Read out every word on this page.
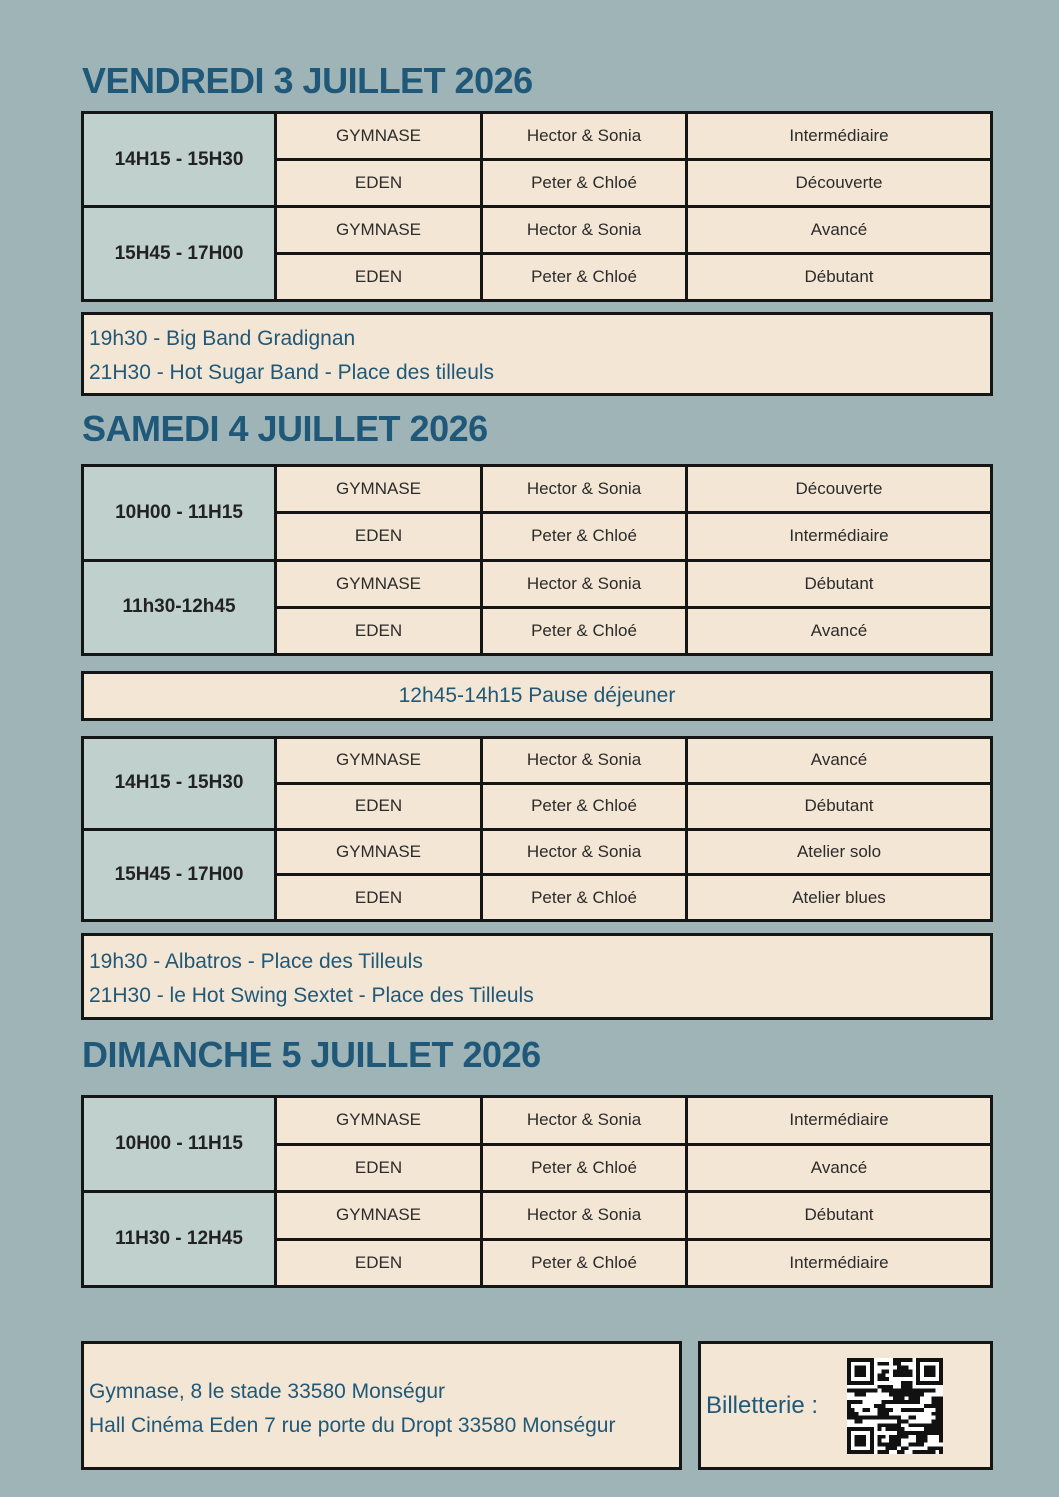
VENDREDI 3 JUILLET 2026
14H15 - 15H30
GYMNASE	Hector & Sonia	Intermédiaire
EDEN	Peter & Chloé	Découverte
15H45 - 17H00
GYMNASE	Hector & Sonia	Avancé
EDEN	Peter & Chloé	Débutant
19h30 - Big Band Gradignan
21H30 - Hot Sugar Band - Place des tilleuls
SAMEDI 4 JUILLET 2026
10H00 - 11H15
GYMNASE	Hector & Sonia	Découverte
EDEN	Peter & Chloé	Intermédiaire
11h30-12h45
GYMNASE	Hector & Sonia	Débutant
EDEN	Peter & Chloé	Avancé
12h45-14h15 Pause déjeuner
14H15 - 15H30
GYMNASE	Hector & Sonia	Avancé
EDEN	Peter & Chloé	Débutant
15H45 - 17H00
GYMNASE	Hector & Sonia	Atelier solo
EDEN	Peter & Chloé	Atelier blues
19h30 - Albatros - Place des Tilleuls
21H30 - le Hot Swing Sextet - Place des Tilleuls
DIMANCHE 5 JUILLET 2026
10H00 - 11H15
GYMNASE	Hector & Sonia	Intermédiaire
EDEN	Peter & Chloé	Avancé
11H30 - 12H45
GYMNASE	Hector & Sonia	Débutant
EDEN	Peter & Chloé	Intermédiaire
Gymnase, 8 le stade 33580 Monségur
Hall Cinéma Eden 7 rue porte du Dropt 33580 Monségur
Billetterie :
